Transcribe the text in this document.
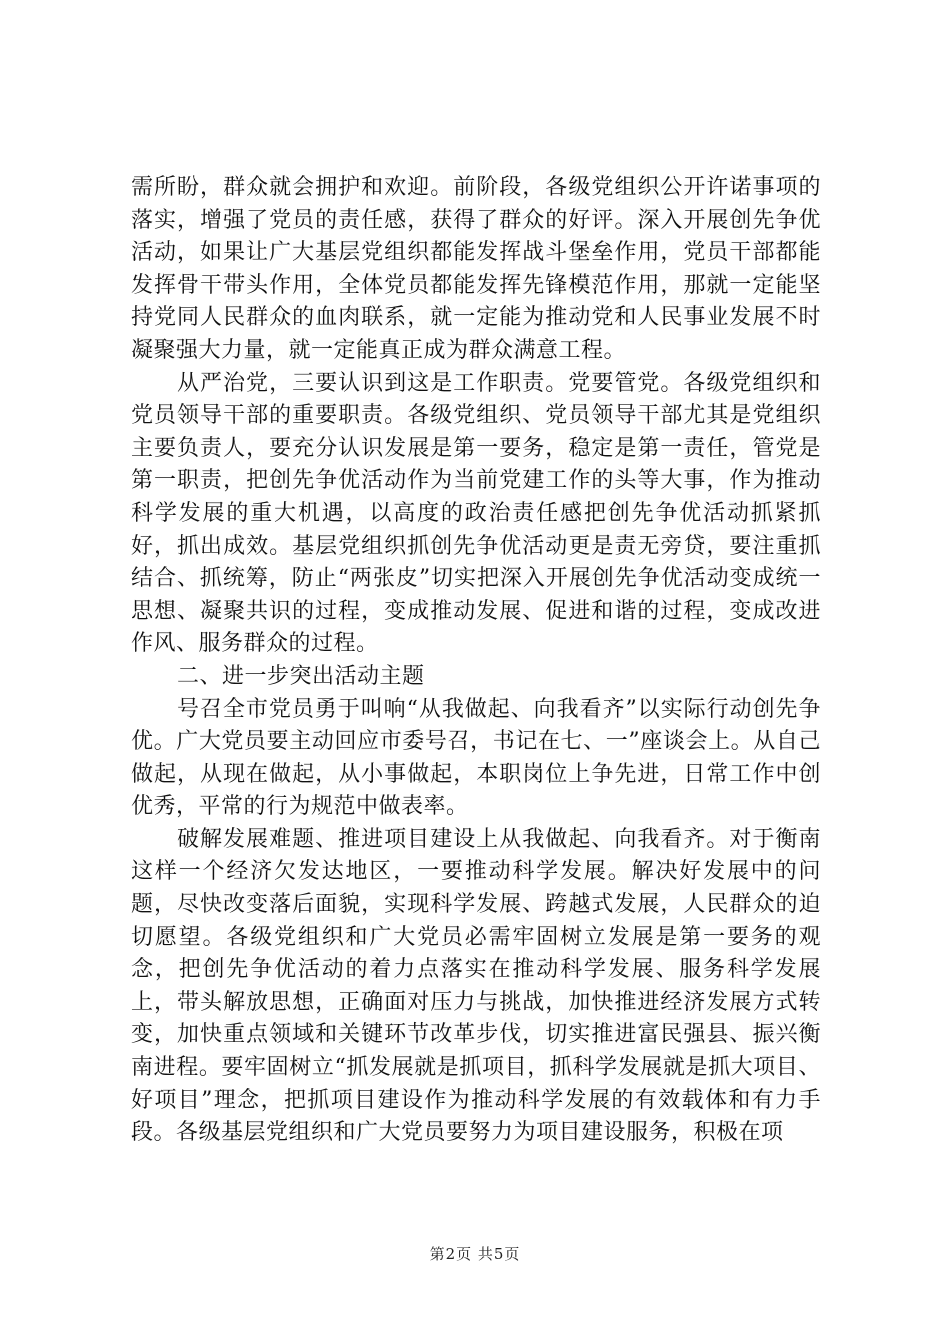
需所盼，群众就会拥护和欢迎。前阶段，各级党组织公开许诺事项的落实，增强了党员的责任感，获得了群众的好评。深入开展创先争优活动，如果让广大基层党组织都能发挥战斗堡垒作用，党员干部都能发挥骨干带头作用，全体党员都能发挥先锋模范作用，那就一定能坚持党同人民群众的血肉联系，就一定能为推动党和人民事业发展不时凝聚强大力量，就一定能真正成为群众满意工程。

从严治党，三要认识到这是工作职责。党要管党。各级党组织和党员领导干部的重要职责。各级党组织、党员领导干部尤其是党组织主要负责人，要充分认识发展是第一要务，稳定是第一责任，管党是第一职责，把创先争优活动作为当前党建工作的头等大事，作为推动科学发展的重大机遇，以高度的政治责任感把创先争优活动抓紧抓好，抓出成效。基层党组织抓创先争优活动更是责无旁贷，要注重抓结合、抓统筹，防止“两张皮”切实把深入开展创先争优活动变成统一思想、凝聚共识的过程，变成推动发展、促进和谐的过程，变成改进作风、服务群众的过程。

二、进一步突出活动主题

号召全市党员勇于叫响“从我做起、向我看齐”以实际行动创先争优。广大党员要主动回应市委号召，书记在七、一”座谈会上。从自己做起，从现在做起，从小事做起，本职岗位上争先进，日常工作中创优秀，平常的行为规范中做表率。

破解发展难题、推进项目建设上从我做起、向我看齐。对于衡南这样一个经济欠发达地区，一要推动科学发展。解决好发展中的问题，尽快改变落后面貌，实现科学发展、跨越式发展，人民群众的迫切愿望。各级党组织和广大党员必需牢固树立发展是第一要务的观念，把创先争优活动的着力点落实在推动科学发展、服务科学发展上，带头解放思想，正确面对压力与挑战，加快推进经济发展方式转变，加快重点领域和关键环节改革步伐，切实推进富民强县、振兴衡南进程。要牢固树立“抓发展就是抓项目，抓科学发展就是抓大项目、好项目”理念，把抓项目建设作为推动科学发展的有效载体和有力手段。各级基层党组织和广大党员要努力为项目建设服务，积极在项

第2页 共5页
